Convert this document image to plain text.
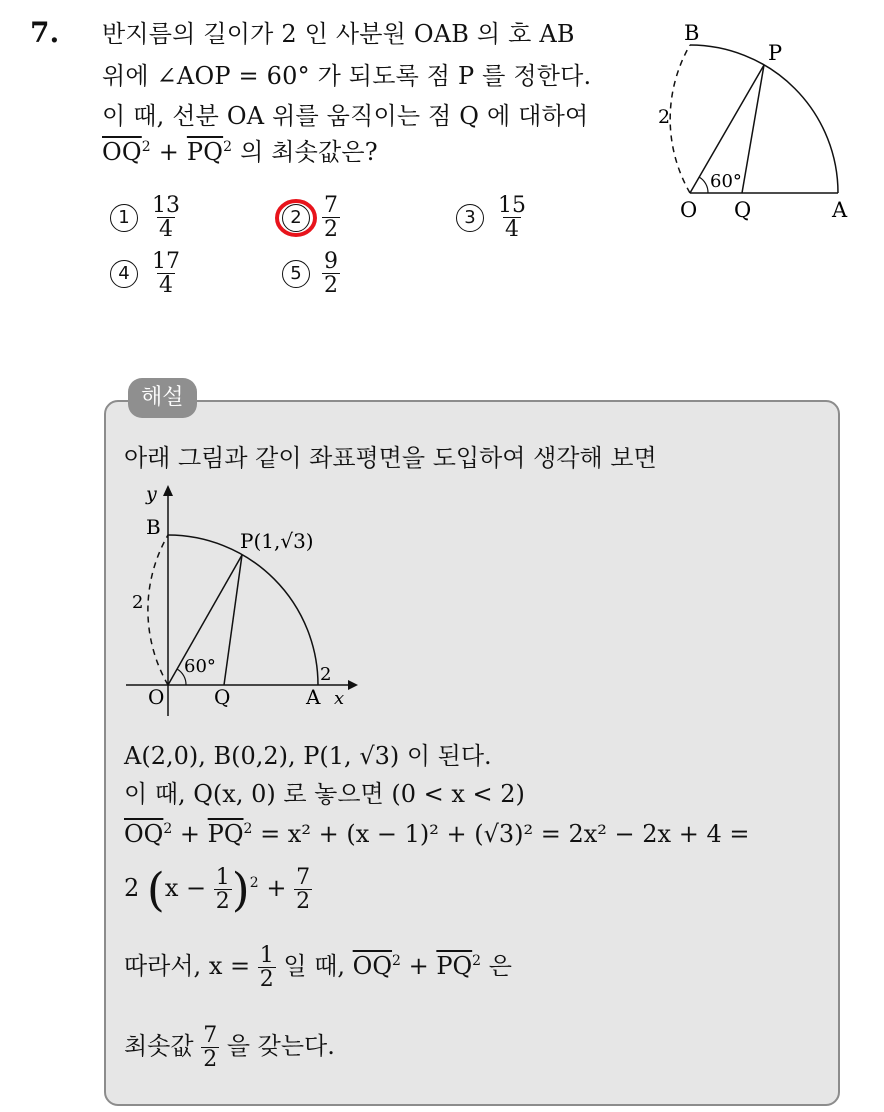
7. 반지름의 길이가 2 인 사분원 OAB 의 호 AB
위에 ∠AOP = 60° 가 되도록 점 P 를 정한다.
이 때, 선분 OA 위를 움직이는 점 Q 에 대하여
$\overline{OQ}^2 + \overline{PQ}^2$ 의 최솟값은?
B
P
2
60°
O Q	A
$1 \frac{13}{4}$	$2 \frac{7}{2}$	$3 \frac{15}{4}$
$4 \frac{17}{4}$	$5 \frac{9}{2}$
해설
아래 그림과 같이 좌표평면을 도입하여 생각해 보면
y
B
P(1,√3)
2
60°	2
O Q	A x
A(2,0), B(0,2), P(1, √3) 이 된다.
이 때, Q(x, 0) 로 놓으면 (0 < x < 2)
$\overline{OQ}^2 + \overline{PQ}^2 = x^2 + (x - 1)^2 + (√3)^2 = 2x^2 - 2x + 4$ =
2 $(x - \frac{1}{2} )^2 + \frac{7}{2}$
따라서, $x = \frac{1}{2}$ 일 때, $\overline{OQ}^2 + \overline{PQ}^2$ 은
최솟값 $\frac{7}{2}$ 을 갖는다.
